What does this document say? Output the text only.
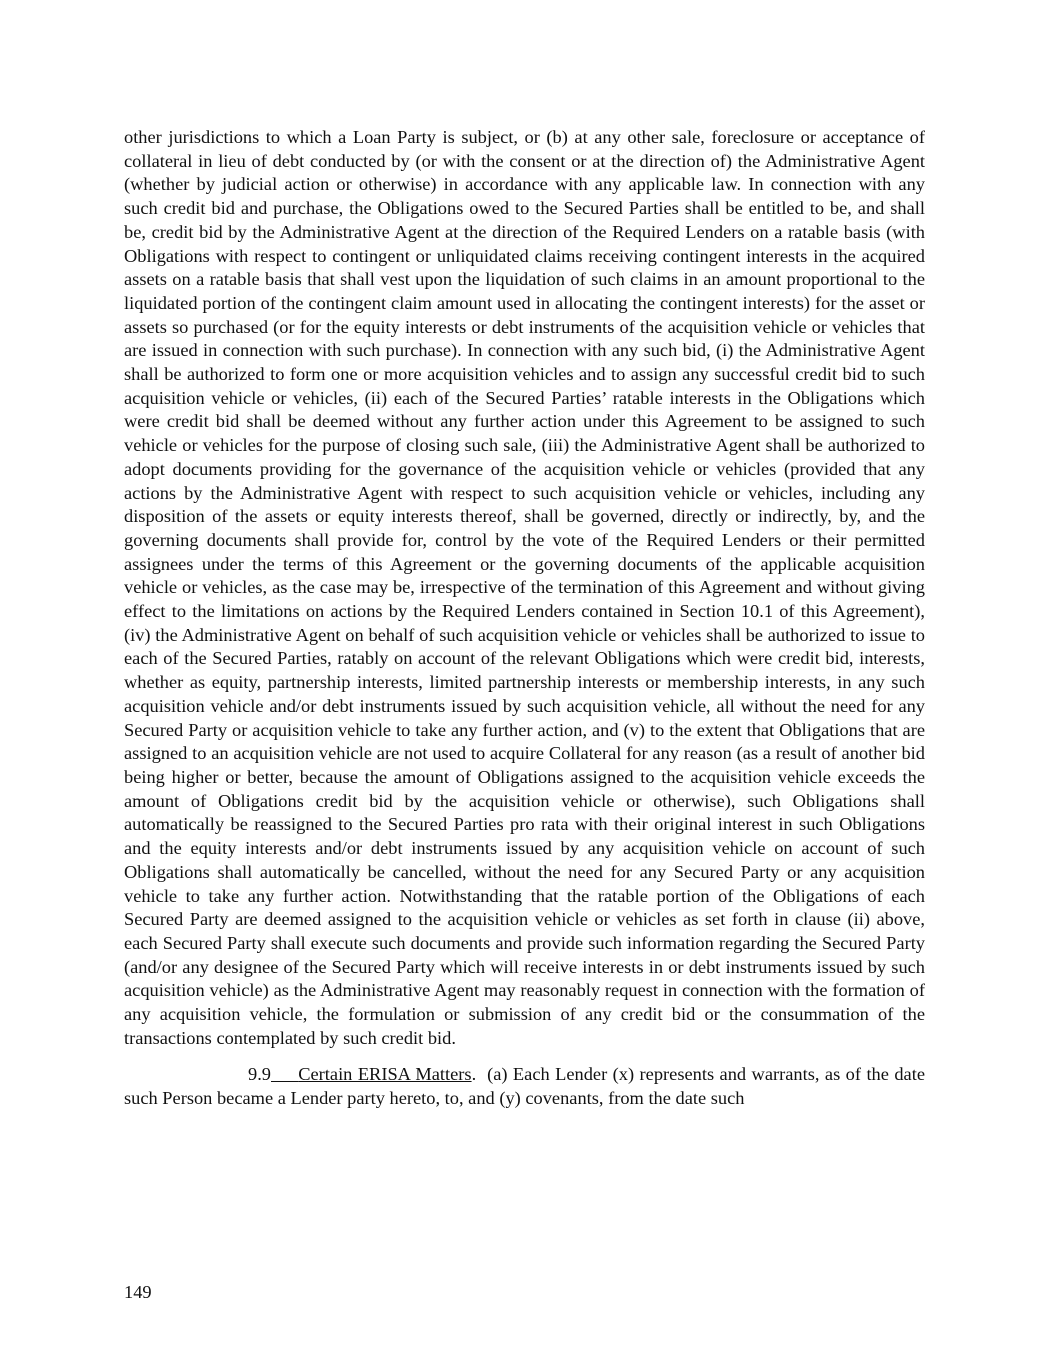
other jurisdictions to which a Loan Party is subject, or (b) at any other sale, foreclosure or acceptance of collateral in lieu of debt conducted by (or with the consent or at the direction of) the Administrative Agent (whether by judicial action or otherwise) in accordance with any applicable law. In connection with any such credit bid and purchase, the Obligations owed to the Secured Parties shall be entitled to be, and shall be, credit bid by the Administrative Agent at the direction of the Required Lenders on a ratable basis (with Obligations with respect to contingent or unliquidated claims receiving contingent interests in the acquired assets on a ratable basis that shall vest upon the liquidation of such claims in an amount proportional to the liquidated portion of the contingent claim amount used in allocating the contingent interests) for the asset or assets so purchased (or for the equity interests or debt instruments of the acquisition vehicle or vehicles that are issued in connection with such purchase). In connection with any such bid, (i) the Administrative Agent shall be authorized to form one or more acquisition vehicles and to assign any successful credit bid to such acquisition vehicle or vehicles, (ii) each of the Secured Parties’ ratable interests in the Obligations which were credit bid shall be deemed without any further action under this Agreement to be assigned to such vehicle or vehicles for the purpose of closing such sale, (iii) the Administrative Agent shall be authorized to adopt documents providing for the governance of the acquisition vehicle or vehicles (provided that any actions by the Administrative Agent with respect to such acquisition vehicle or vehicles, including any disposition of the assets or equity interests thereof, shall be governed, directly or indirectly, by, and the governing documents shall provide for, control by the vote of the Required Lenders or their permitted assignees under the terms of this Agreement or the governing documents of the applicable acquisition vehicle or vehicles, as the case may be, irrespective of the termination of this Agreement and without giving effect to the limitations on actions by the Required Lenders contained in Section 10.1 of this Agreement), (iv) the Administrative Agent on behalf of such acquisition vehicle or vehicles shall be authorized to issue to each of the Secured Parties, ratably on account of the relevant Obligations which were credit bid, interests, whether as equity, partnership interests, limited partnership interests or membership interests, in any such acquisition vehicle and/or debt instruments issued by such acquisition vehicle, all without the need for any Secured Party or acquisition vehicle to take any further action, and (v) to the extent that Obligations that are assigned to an acquisition vehicle are not used to acquire Collateral for any reason (as a result of another bid being higher or better, because the amount of Obligations assigned to the acquisition vehicle exceeds the amount of Obligations credit bid by the acquisition vehicle or otherwise), such Obligations shall automatically be reassigned to the Secured Parties pro rata with their original interest in such Obligations and the equity interests and/or debt instruments issued by any acquisition vehicle on account of such Obligations shall automatically be cancelled, without the need for any Secured Party or any acquisition vehicle to take any further action. Notwithstanding that the ratable portion of the Obligations of each Secured Party are deemed assigned to the acquisition vehicle or vehicles as set forth in clause (ii) above, each Secured Party shall execute such documents and provide such information regarding the Secured Party (and/or any designee of the Secured Party which will receive interests in or debt instruments issued by such acquisition vehicle) as the Administrative Agent may reasonably request in connection with the formation of any acquisition vehicle, the formulation or submission of any credit bid or the consummation of the transactions contemplated by such credit bid.

9.9 Certain ERISA Matters.  (a) Each Lender (x) represents and warrants, as of the date such Person became a Lender party hereto, to, and (y) covenants, from the date such

149
